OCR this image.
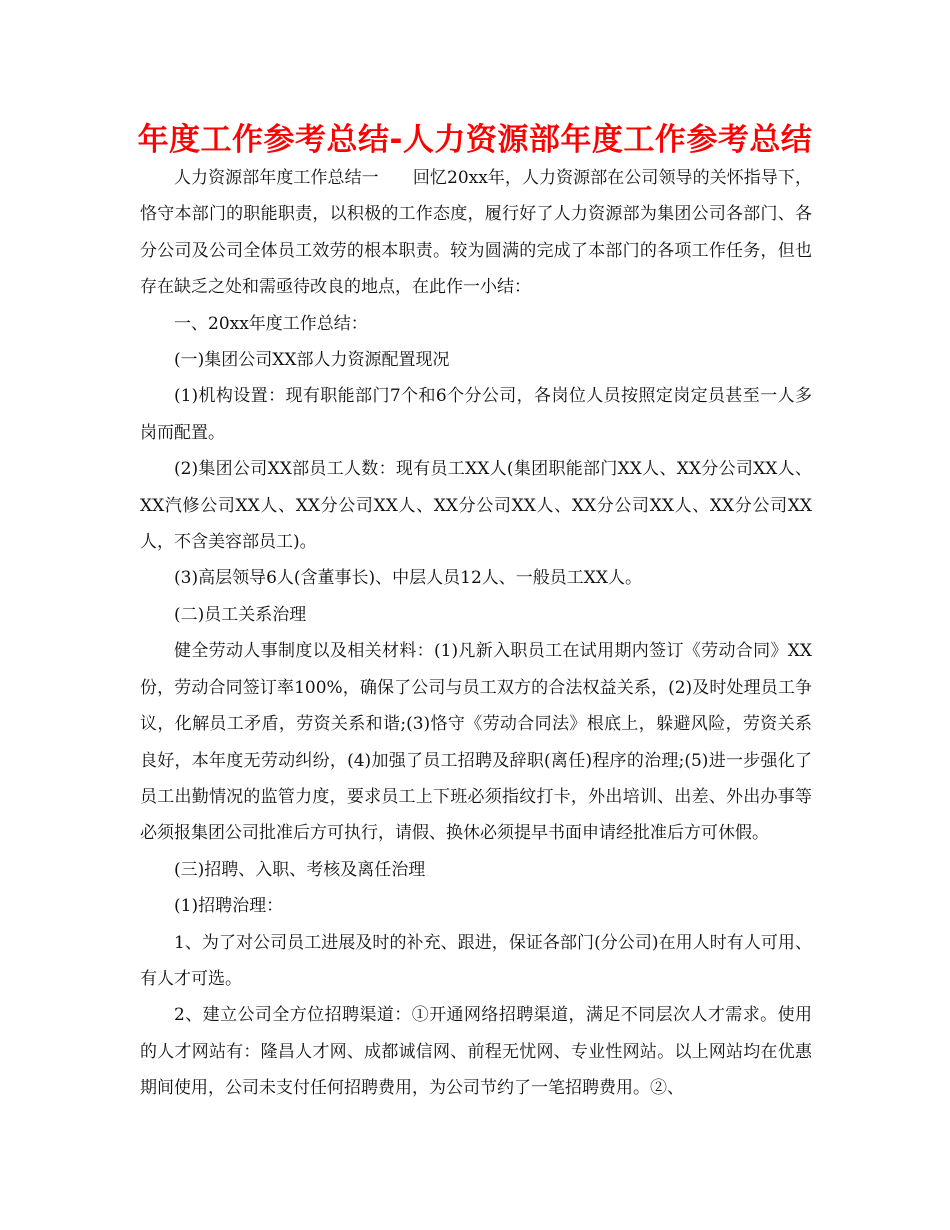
年度工作参考总结-人力资源部年度工作参考总结

人力资源部年度工作总结一　　回忆20xx年，人力资源部在公司领导的关怀指导下，恪守本部门的职能职责，以积极的工作态度，履行好了人力资源部为集团公司各部门、各分公司及公司全体员工效劳的根本职责。较为圆满的完成了本部门的各项工作任务，但也存在缺乏之处和需亟待改良的地点，在此作一小结：

一、20xx年度工作总结：

(一)集团公司XX部人力资源配置现况

(1)机构设置：现有职能部门7个和6个分公司，各岗位人员按照定岗定员甚至一人多岗而配置。

(2)集团公司XX部员工人数：现有员工XX人(集团职能部门XX人、XX分公司XX人、XX汽修公司XX人、XX分公司XX人、XX分公司XX人、XX分公司XX人、XX分公司XX人，不含美容部员工)。

(3)高层领导6人(含董事长)、中层人员12人、一般员工XX人。

(二)员工关系治理

健全劳动人事制度以及相关材料：(1)凡新入职员工在试用期内签订《劳动合同》XX份，劳动合同签订率100%，确保了公司与员工双方的合法权益关系，(2)及时处理员工争议，化解员工矛盾，劳资关系和谐;(3)恪守《劳动合同法》根底上，躲避风险，劳资关系良好，本年度无劳动纠纷，(4)加强了员工招聘及辞职(离任)程序的治理;(5)进一步强化了员工出勤情况的监管力度，要求员工上下班必须指纹打卡，外出培训、出差、外出办事等必须报集团公司批准后方可执行，请假、换休必须提早书面申请经批准后方可休假。

(三)招聘、入职、考核及离任治理

(1)招聘治理：

1、为了对公司员工进展及时的补充、跟进，保证各部门(分公司)在用人时有人可用、有人才可选。

2、建立公司全方位招聘渠道：①开通网络招聘渠道，满足不同层次人才需求。使用的人才网站有：隆昌人才网、成都诚信网、前程无忧网、专业性网站。以上网站均在优惠期间使用，公司未支付任何招聘费用，为公司节约了一笔招聘费用。②、
